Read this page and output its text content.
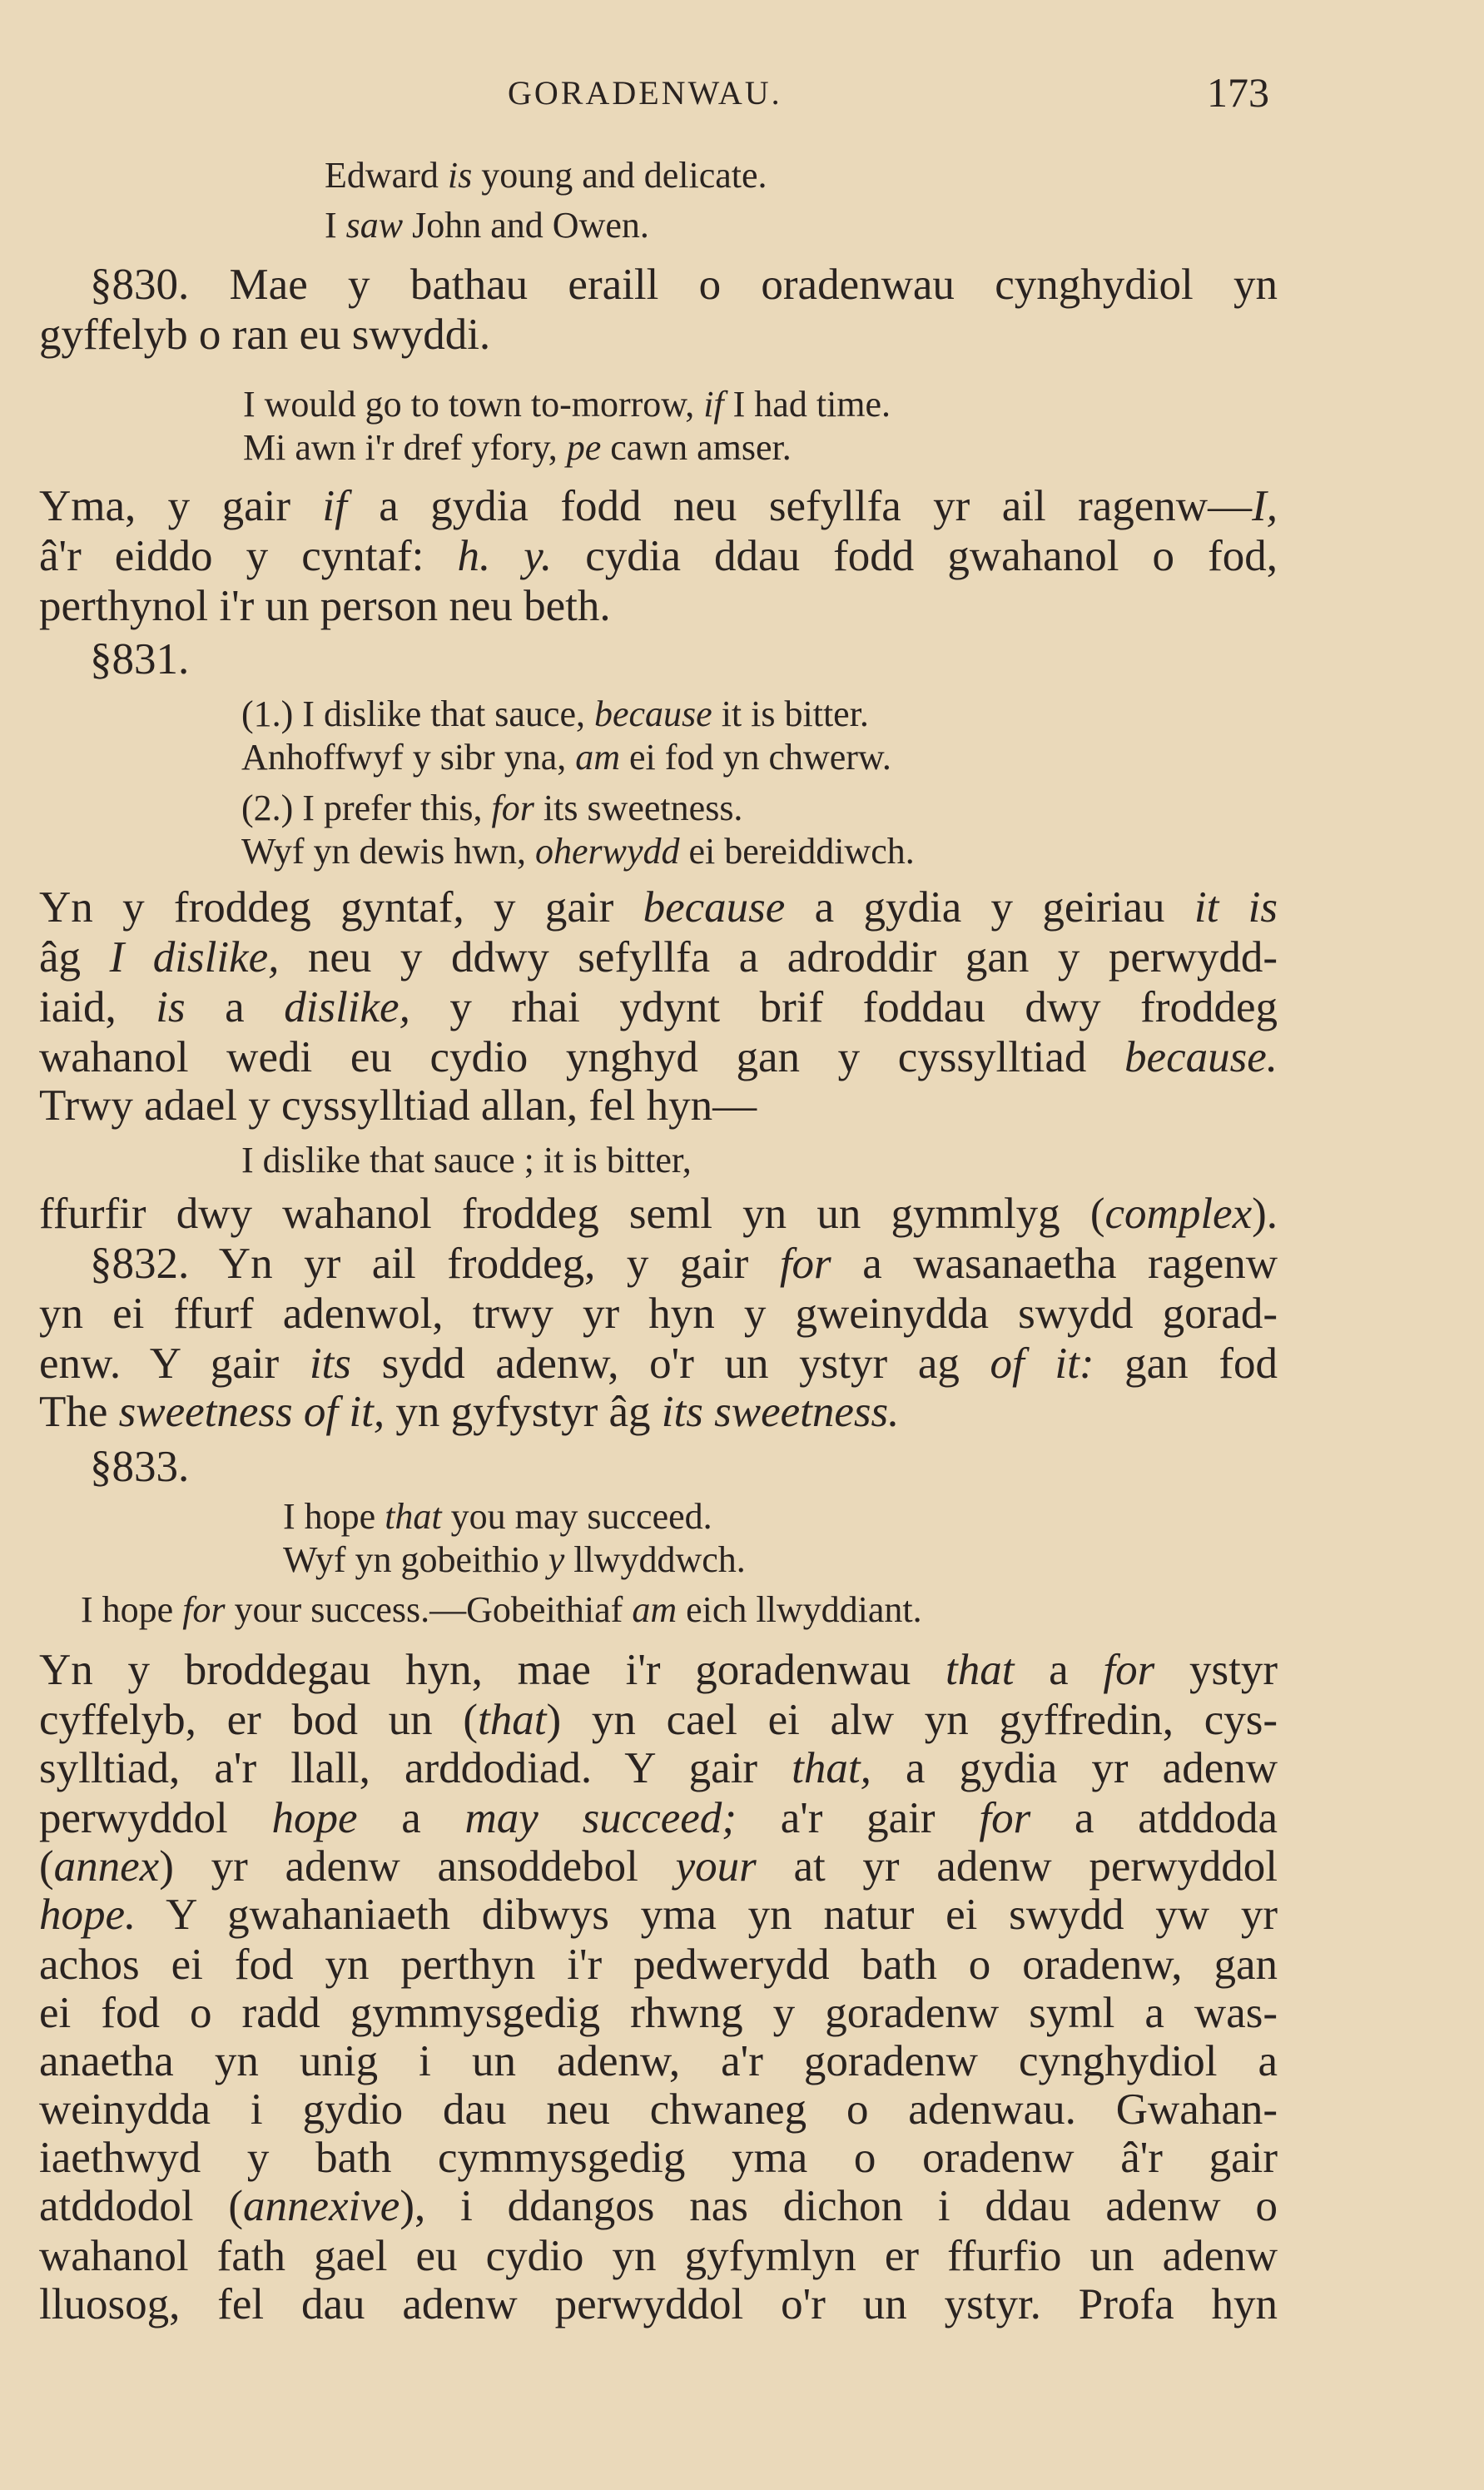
GORADENWAU.	173
Edward is young and delicate.
I saw John and Owen.
§830. Mae y bathau eraill o oradenwau cynghydiol yn
gyffelyb o ran eu swyddi.
I would go to town to-morrow, if I had time.
Mi awn i'r dref yfory, pe cawn amser.
Yma, y gair if a gydia fodd neu sefyllfa yr ail ragenw—I,
â'r eiddo y cyntaf: h. y. cydia ddau fodd gwahanol o fod,
perthynol i'r un person neu beth.
§831.
(1.) I dislike that sauce, because it is bitter.
Anhoffwyf y sibr yna, am ei fod yn chwerw.
(2.) I prefer this, for its sweetness.
Wyf yn dewis hwn, oherwydd ei bereiddiwch.
Yn y froddeg gyntaf, y gair because a gydia y geiriau it is
âg I dislike, neu y ddwy sefyllfa a adroddir gan y perwydd-
iaid, is a dislike, y rhai ydynt brif foddau dwy froddeg
wahanol wedi eu cydio ynghyd gan y cyssylltiad because.
Trwy adael y cyssylltiad allan, fel hyn—
I dislike that sauce ; it is bitter,
ffurfir dwy wahanol froddeg seml yn un gymmlyg (complex).
§832. Yn yr ail froddeg, y gair for a wasanaetha ragenw
yn ei ffurf adenwol, trwy yr hyn y gweinydda swydd gorad-
enw. Y gair its sydd adenw, o'r un ystyr ag of it: gan fod
The sweetness of it, yn gyfystyr âg its sweetness.
§833.
I hope that you may succeed.
Wyf yn gobeithio y llwyddwch.
I hope for your success.—Gobeithiaf am eich llwyddiant.
Yn y broddegau hyn, mae i'r goradenwau that a for ystyr
cyffelyb, er bod un (that) yn cael ei alw yn gyffredin, cys-
sylltiad, a'r llall, arddodiad. Y gair that, a gydia yr adenw
perwyddol hope a may succeed; a'r gair for a atddoda
(annex) yr adenw ansoddebol your at yr adenw perwyddol
hope. Y gwahaniaeth dibwys yma yn natur ei swydd yw yr
achos ei fod yn perthyn i'r pedwerydd bath o oradenw, gan
ei fod o radd gymmysgedig rhwng y goradenw syml a was-
anaetha yn unig i un adenw, a'r goradenw cynghydiol a
weinydda i gydio dau neu chwaneg o adenwau. Gwahan-
iaethwyd y bath cymmysgedig yma o oradenw â'r gair
atddodol (annexive), i ddangos nas dichon i ddau adenw o
wahanol fath gael eu cydio yn gyfymlyn er ffurfio un adenw
lluosog, fel dau adenw perwyddol o'r un ystyr. Profa hyn
